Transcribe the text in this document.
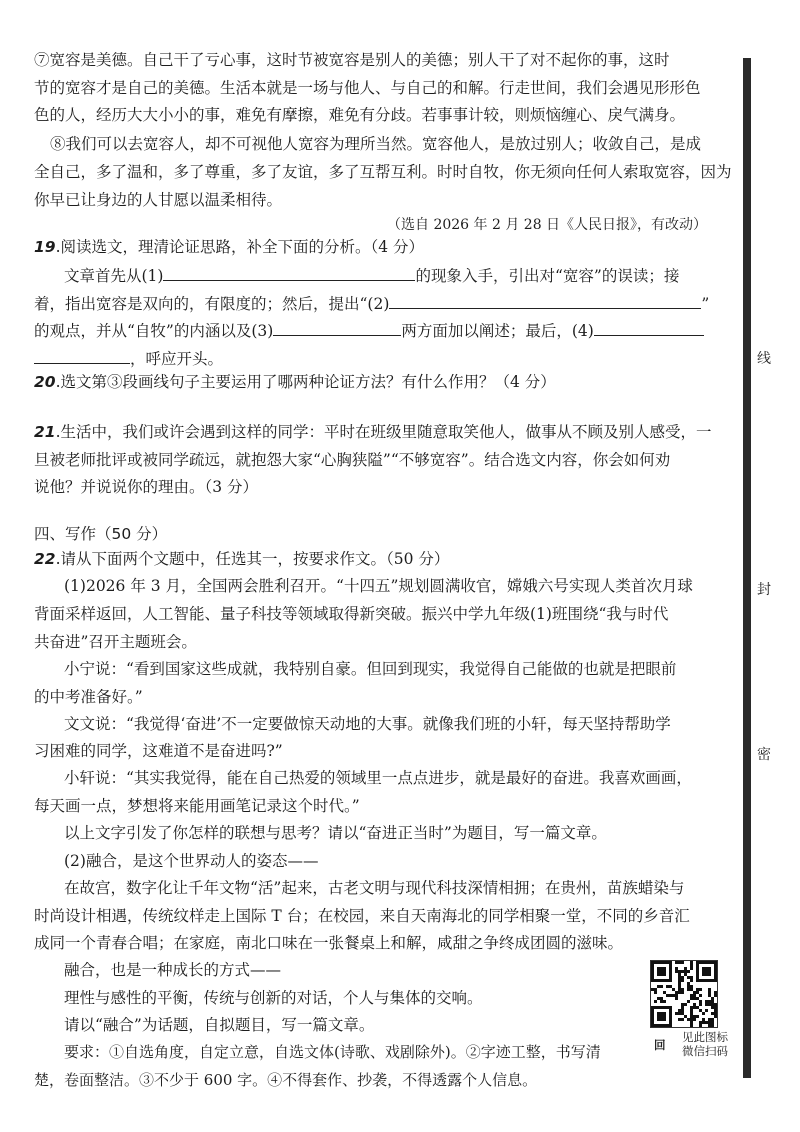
⑦宽容是美德。自己干了亏心事，这时节被宽容是别人的美德；别人干了对不起你的事，这时
节的宽容才是自己的美德。生活本就是一场与他人、与自己的和解。行走世间，我们会遇见形形色
色的人，经历大大小小的事，难免有摩擦，难免有分歧。若事事计较，则烦恼缠心、戾气满身。
⑧我们可以去宽容人，却不可视他人宽容为理所当然。宽容他人，是放过别人；收敛自己，是成
全自己，多了温和，多了尊重，多了友谊，多了互帮互利。时时自牧，你无须向任何人索取宽容，因为
你早已让身边的人甘愿以温柔相待。
（选自 2026 年 2 月 28 日《人民日报》，有改动）
19.阅读选文，理清论证思路，补全下面的分析。（4 分）
文章首先从(1)	的现象入手，引出对“宽容”的误读；接
着，指出宽容是双向的，有限度的；然后，提出“(2)	”
的观点，并从“自牧”的内涵以及(3)	两方面加以阐述；最后，(4)
，呼应开头。
20.选文第③段画线句子主要运用了哪两种论证方法？有什么作用？（4 分）
21.生活中，我们或许会遇到这样的同学：平时在班级里随意取笑他人，做事从不顾及别人感受，一
旦被老师批评或被同学疏远，就抱怨大家“心胸狭隘”“不够宽容”。结合选文内容，你会如何劝
说他？并说说你的理由。（3 分）
四、写作（50 分）
22.请从下面两个文题中，任选其一，按要求作文。（50 分）
(1)2026 年 3 月，全国两会胜利召开。“十四五”规划圆满收官，嫦娥六号实现人类首次月球
背面采样返回，人工智能、量子科技等领域取得新突破。振兴中学九年级(1)班围绕“我与时代
共奋进”召开主题班会。
小宁说：“看到国家这些成就，我特别自豪。但回到现实，我觉得自己能做的也就是把眼前
的中考准备好。”
文文说：“我觉得‘奋进’不一定要做惊天动地的大事。就像我们班的小轩，每天坚持帮助学
习困难的同学，这难道不是奋进吗?”
小轩说：“其实我觉得，能在自己热爱的领域里一点点进步，就是最好的奋进。我喜欢画画，
每天画一点，梦想将来能用画笔记录这个时代。”
以上文字引发了你怎样的联想与思考？请以“奋进正当时”为题目，写一篇文章。
(2)融合，是这个世界动人的姿态——
在故宫，数字化让千年文物“活”起来，古老文明与现代科技深情相拥；在贵州，苗族蜡染与
时尚设计相遇，传统纹样走上国际 T 台；在校园，来自天南海北的同学相聚一堂，不同的乡音汇
成同一个青春合唱；在家庭，南北口味在一张餐桌上和解，咸甜之争终成团圆的滋味。
融合，也是一种成长的方式——
理性与感性的平衡，传统与创新的对话，个人与集体的交响。
请以“融合”为话题，自拟题目，写一篇文章。
要求：①自选角度，自定立意，自选文体(诗歌、戏剧除外)。②字迹工整，书写清
楚，卷面整洁。③不少于 600 字。④不得套作、抄袭，不得透露个人信息。
线
封
密
见此图标
微信扫码
回
